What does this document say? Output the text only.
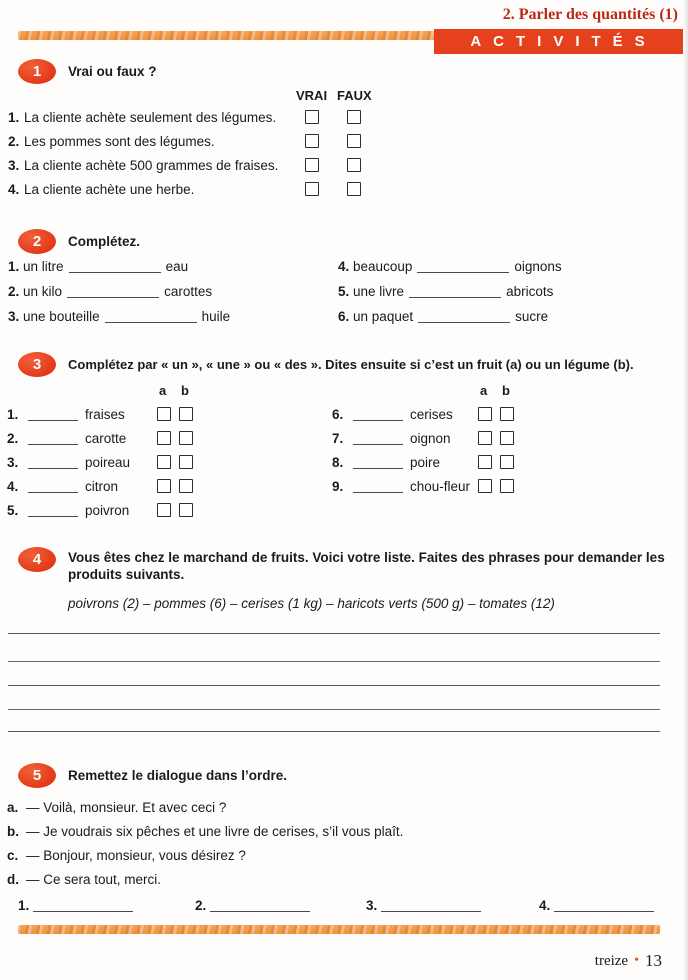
2. Parler des quantités (1)
ACTIVITÉS
1	Vrai ou faux ?
VRAI FAUX
1. La cliente achète seulement des légumes.
2. Les pommes sont des légumes.
3. La cliente achète 500 grammes de fraises.
4. La cliente achète une herbe.
2	Complétez.
1. un litre	eau
2. un kilo	carottes
3. une bouteille	huile
4. beaucoup	oignons
5. une livre	abricots
6. un paquet	sucre
3	Complétez par « un », « une » ou « des ». Dites ensuite si c’est un fruit (a) ou un légume (b).
a b	a b
1.	fraises
2.	carotte
3.	poireau
4.	citron
5.	poivron
6.	cerises
7.	oignon
8.	poire
9.	chou-fleur
4	Vous êtes chez le marchand de fruits. Voici votre liste. Faites des phrases pour demander les produits suivants.
poivrons (2) – pommes (6) – cerises (1 kg) – haricots verts (500 g) – tomates (12)
5	Remettez le dialogue dans l’ordre.
a. — Voilà, monsieur. Et avec ceci ?
b. — Je voudrais six pêches et une livre de cerises, s’il vous plaît.
c. — Bonjour, monsieur, vous désirez ?
d. — Ce sera tout, merci.
1.	2.	3.	4.
treize • 13
